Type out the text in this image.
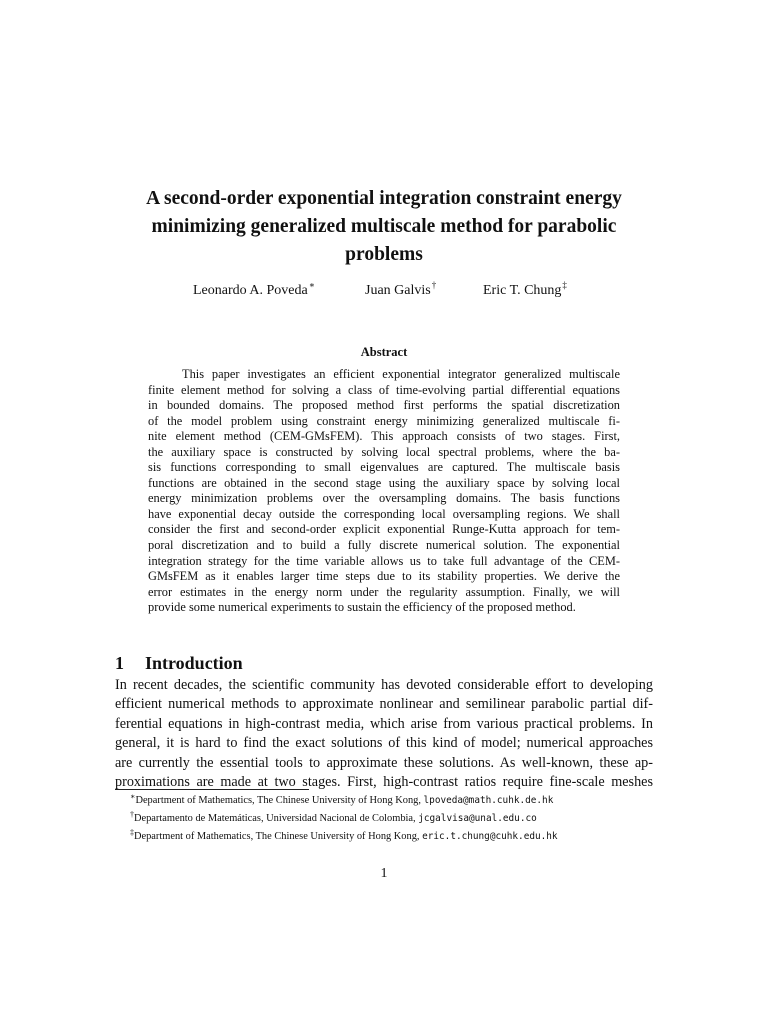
A second-order exponential integration constraint energy
minimizing generalized multiscale method for parabolic
problems
Leonardo A. Poveda∗	Juan Galvis†	Eric T. Chung‡
Abstract
This paper investigates an efficient exponential integrator generalized multiscale
finite element method for solving a class of time-evolving partial differential equations
in bounded domains. The proposed method first performs the spatial discretization
of the model problem using constraint energy minimizing generalized multiscale fi-
nite element method (CEM-GMsFEM). This approach consists of two stages. First,
the auxiliary space is constructed by solving local spectral problems, where the ba-
sis functions corresponding to small eigenvalues are captured. The multiscale basis
functions are obtained in the second stage using the auxiliary space by solving local
energy minimization problems over the oversampling domains. The basis functions
have exponential decay outside the corresponding local oversampling regions. We shall
consider the first and second-order explicit exponential Runge-Kutta approach for tem-
poral discretization and to build a fully discrete numerical solution. The exponential
integration strategy for the time variable allows us to take full advantage of the CEM-
GMsFEM as it enables larger time steps due to its stability properties. We derive the
error estimates in the energy norm under the regularity assumption. Finally, we will
provide some numerical experiments to sustain the efficiency of the proposed method.
1 Introduction
In recent decades, the scientific community has devoted considerable effort to developing
efficient numerical methods to approximate nonlinear and semilinear parabolic partial dif-
ferential equations in high-contrast media, which arise from various practical problems. In
general, it is hard to find the exact solutions of this kind of model; numerical approaches
are currently the essential tools to approximate these solutions. As well-known, these ap-
proximations are made at two stages. First, high-contrast ratios require fine-scale meshes
∗Department of Mathematics, The Chinese University of Hong Kong, lpoveda@math.cuhk.de.hk
†Departamento de Matemáticas, Universidad Nacional de Colombia, jcgalvisa@unal.edu.co
‡Department of Mathematics, The Chinese University of Hong Kong, eric.t.chung@cuhk.edu.hk
1
